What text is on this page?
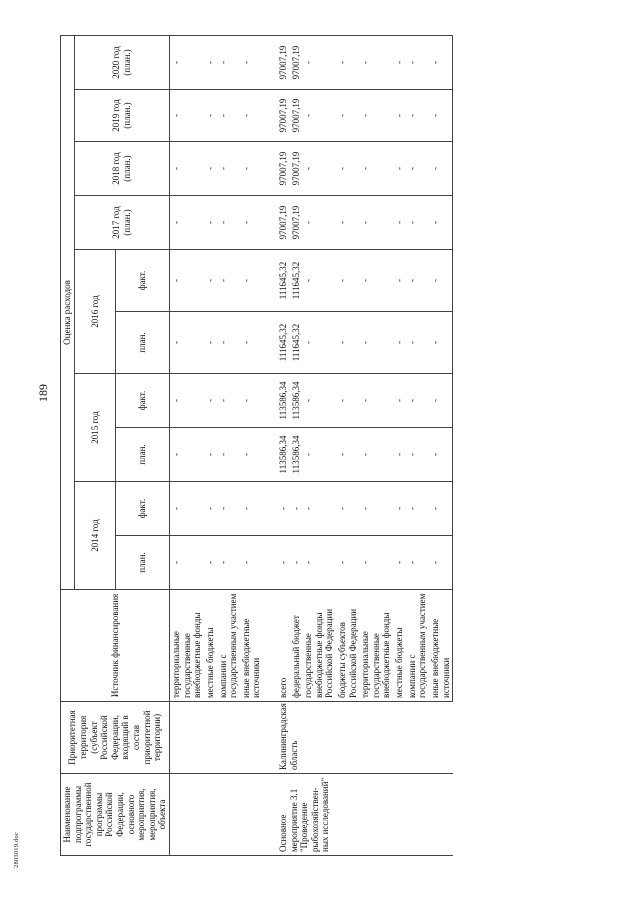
189
2803019.doc
Наименование подпрограммы государственной программы Российской Федерации, основного мероприятия, мероприятия, объекта	Приоритетная территория (субъект Российской Федерации, входящий в состав приоритетной территории)	Источник финансирования	Оценка расходов									
			2014 год		2015 год		2016 год		2017 год (план.)	2018 год (план.)	2019 год (план.)	2020 год (план.)
			план.	факт.	план.	факт.	план.	факт.				
		территориальные государственные внебюджетные фонды	-	-	-	-	-	-	-	-	-	-
		местные бюджеты	-	-	-	-	-	-	-	-	-	-
		компании с государственным участием	-	-	-	-	-	-	-	-	-	-
		иные внебюджетные источники	-	-	-	-	-	-	-	-	-	-

Основное мероприятие 3.1 "Проведение рыбохозяйствен-ных исследований"	Калининградская область	всего	-	-	113586,34	113586,34	111645,32	111645,32	97007,19	97007,19	97007,19	97007,19
		федеральный бюджет	-	-	113586,34	113586,34	111645,32	111645,32	97007,19	97007,19	97007,19	97007,19
		государственные внебюджетные фонды Российской Федерации	-	-	-	-	-	-	-	-	-	-
		бюджеты субъектов Российской Федерации	-	-	-	-	-	-	-	-	-	-
		территориальные государственные внебюджетные фонды	-	-	-	-	-	-	-	-	-	-
		местные бюджеты	-	-	-	-	-	-	-	-	-	-
		компании с государственным участием	-	-	-	-	-	-	-	-	-	-
		иные внебюджетные источники	-	-	-	-	-	-	-	-	-	-
